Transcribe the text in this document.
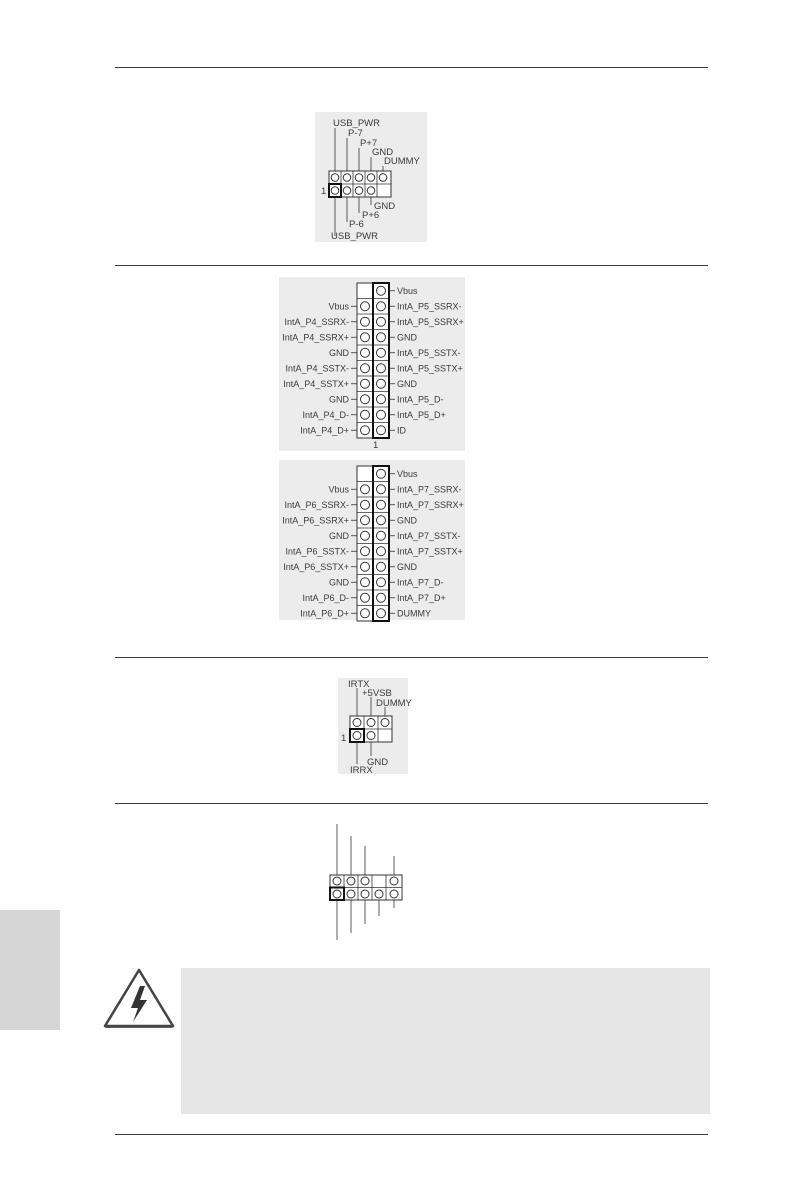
USB_PWR
P-7
P+7
GND
DUMMY
1
GND
P+6
P-6
USB_PWR
1
Vbus
Vbus	IntA_P5_SSRX-
IntA_P4_SSRX-	IntA_P5_SSRX+
IntA_P4_SSRX+	GND
GND	IntA_P5_SSTX-
IntA_P4_SSTX-	IntA_P5_SSTX+
IntA_P4_SSTX+	GND
GND	IntA_P5_D-
IntA_P4_D-	IntA_P5_D+
IntA_P4_D+	ID
Vbus
Vbus	IntA_P7_SSRX-
IntA_P6_SSRX-	IntA_P7_SSRX+
IntA_P6_SSRX+	GND
GND	IntA_P7_SSTX-
IntA_P6_SSTX-	IntA_P7_SSTX+
IntA_P6_SSTX+	GND
GND	IntA_P7_D-
IntA_P6_D-	IntA_P7_D+
IntA_P6_D+	DUMMY
IRTX
+5VSB
DUMMY
1
GND
IRRX
